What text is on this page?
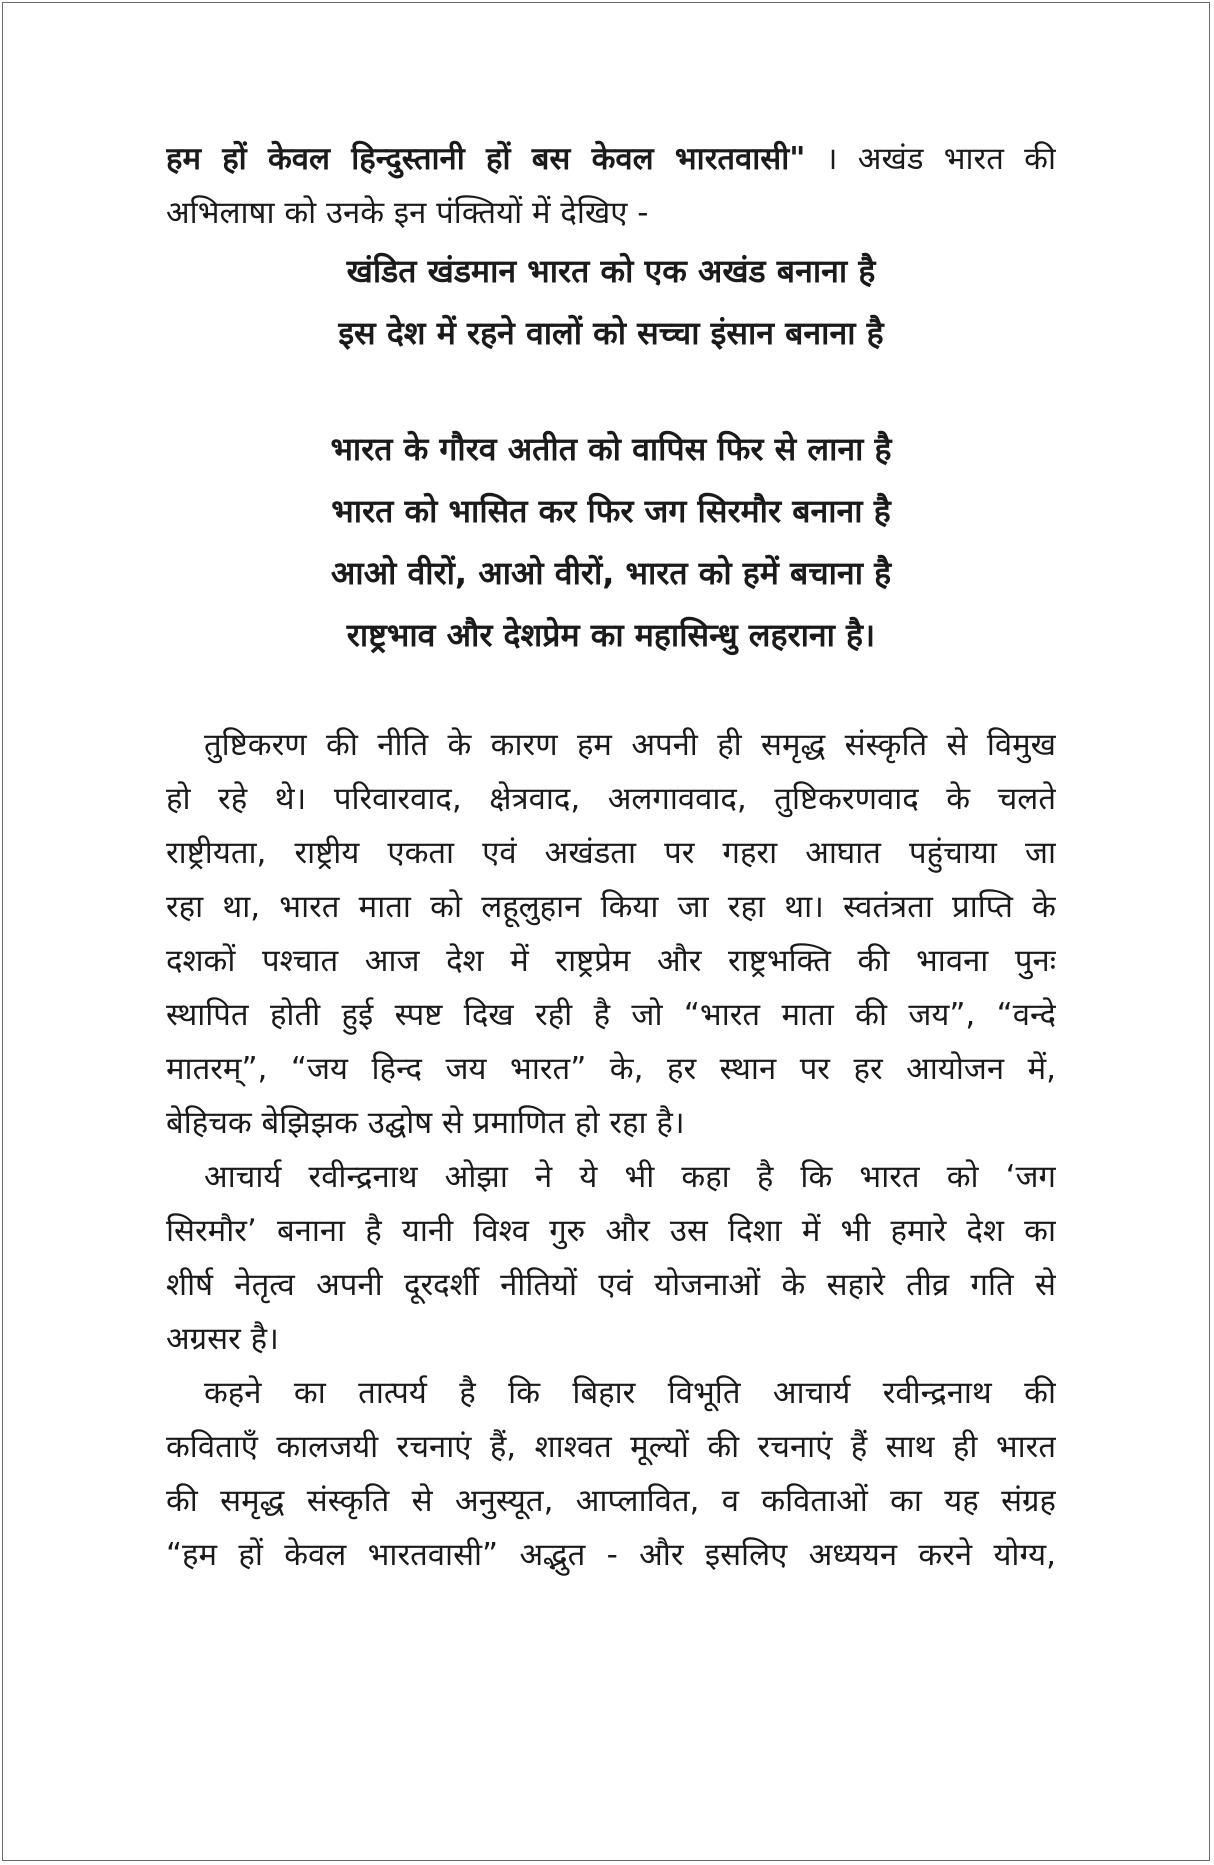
हम हों केवल हिन्दुस्तानी हों बस केवल भारतवासी" । अखंड भारत की
अभिलाषा को उनके इन पंक्तियों में देखिए -
खंडित खंडमान भारत को एक अखंड बनाना है
इस देश में रहने वालों को सच्चा इंसान बनाना है
भारत के गौरव अतीत को वापिस फिर से लाना है
भारत को भासित कर फिर जग सिरमौर बनाना है
आओ वीरों, आओ वीरों, भारत को हमें बचाना है
राष्ट्रभाव और देशप्रेम का महासिन्धु लहराना है।
तुष्टिकरण की नीति के कारण हम अपनी ही समृद्ध संस्कृति से विमुख
हो रहे थे। परिवारवाद, क्षेत्रवाद, अलगाववाद, तुष्टिकरणवाद के चलते
राष्ट्रीयता, राष्ट्रीय एकता एवं अखंडता पर गहरा आघात पहुंचाया जा
रहा था, भारत माता को लहूलुहान किया जा रहा था। स्वतंत्रता प्राप्ति के
दशकों पश्चात आज देश में राष्ट्रप्रेम और राष्ट्रभक्ति की भावना पुनः
स्थापित होती हुई स्पष्ट दिख रही है जो “भारत माता की जय”, “वन्दे
मातरम्”, “जय हिन्द जय भारत” के, हर स्थान पर हर आयोजन में,
बेहिचक बेझिझक उद्घोष से प्रमाणित हो रहा है।
आचार्य रवीन्द्रनाथ ओझा ने ये भी कहा है कि भारत को ‘जग
सिरमौर’ बनाना है यानी विश्व गुरु और उस दिशा में भी हमारे देश का
शीर्ष नेतृत्व अपनी दूरदर्शी नीतियों एवं योजनाओं के सहारे तीव्र गति से
अग्रसर है।
कहने का तात्पर्य है कि बिहार विभूति आचार्य रवीन्द्रनाथ की
कविताएँ कालजयी रचनाएं हैं, शाश्वत मूल्यों की रचनाएं हैं साथ ही भारत
की समृद्ध संस्कृति से अनुस्यूत, आप्लावित, व कविताओं का यह संग्रह
“हम हों केवल भारतवासी” अद्भुत - और इसलिए अध्ययन करने योग्य,
